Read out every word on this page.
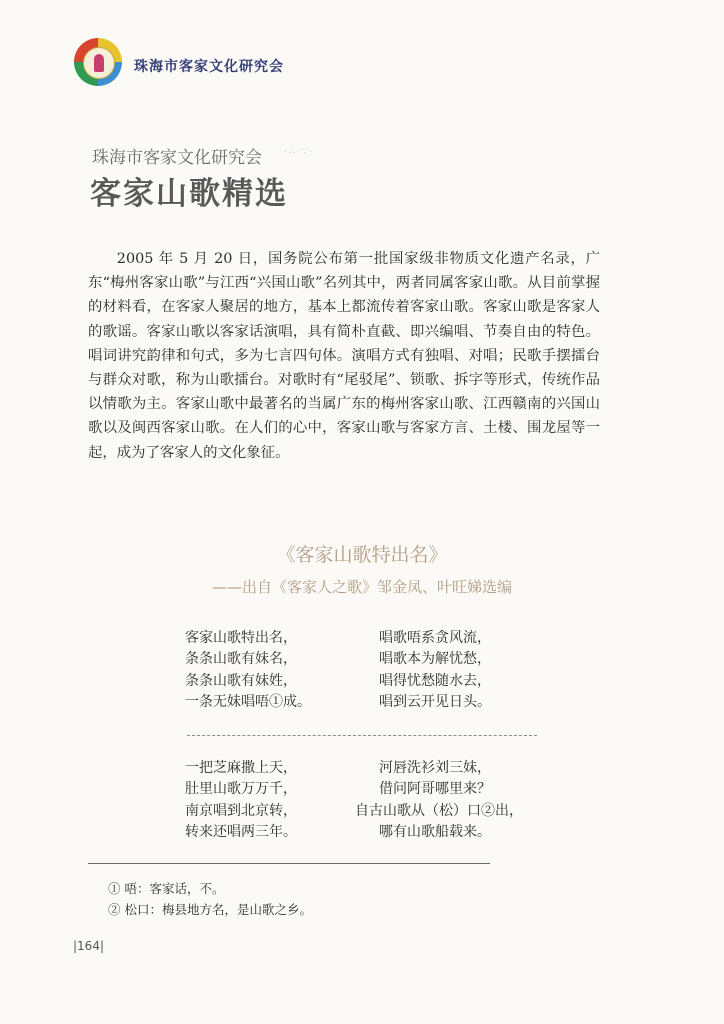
珠海市客家文化研究会
珠海市客家文化研究会 ·∴·∵·
客家山歌精选

2005 年 5 月 20 日，国务院公布第一批国家级非物质文化遗产名录，广东“梅州客家山歌”与江西“兴国山歌”名列其中，两者同属客家山歌。从目前掌握的材料看，在客家人聚居的地方，基本上都流传着客家山歌。客家山歌是客家人的歌谣。客家山歌以客家话演唱，具有简朴直截、即兴编唱、节奏自由的特色。唱词讲究韵律和句式，多为七言四句体。演唱方式有独唱、对唱；民歌手摆擂台与群众对歌，称为山歌擂台。对歌时有“尾驳尾”、锁歌、拆字等形式，传统作品以情歌为主。客家山歌中最著名的当属广东的梅州客家山歌、江西赣南的兴国山歌以及闽西客家山歌。在人们的心中，客家山歌与客家方言、土楼、围龙屋等一起，成为了客家人的文化象征。

《客家山歌特出名》
——出自《客家人之歌》邹金凤、叶旺娣选编
客家山歌特出名，
条条山歌有妹名，
条条山歌有妹姓，
一条无妹唱唔①成。
唱歌唔系贪风流，
唱歌本为解忧愁，
唱得忧愁随水去，
唱到云开见日头。
一把芝麻撒上天，
肚里山歌万万千，
南京唱到北京转，
转来还唱两三年。
河唇洗衫刘三妹，
借问阿哥哪里来？
自古山歌从（松）口②出，
哪有山歌船载来。
① 唔：客家话，不。
② 松口：梅县地方名，是山歌之乡。
|164|
